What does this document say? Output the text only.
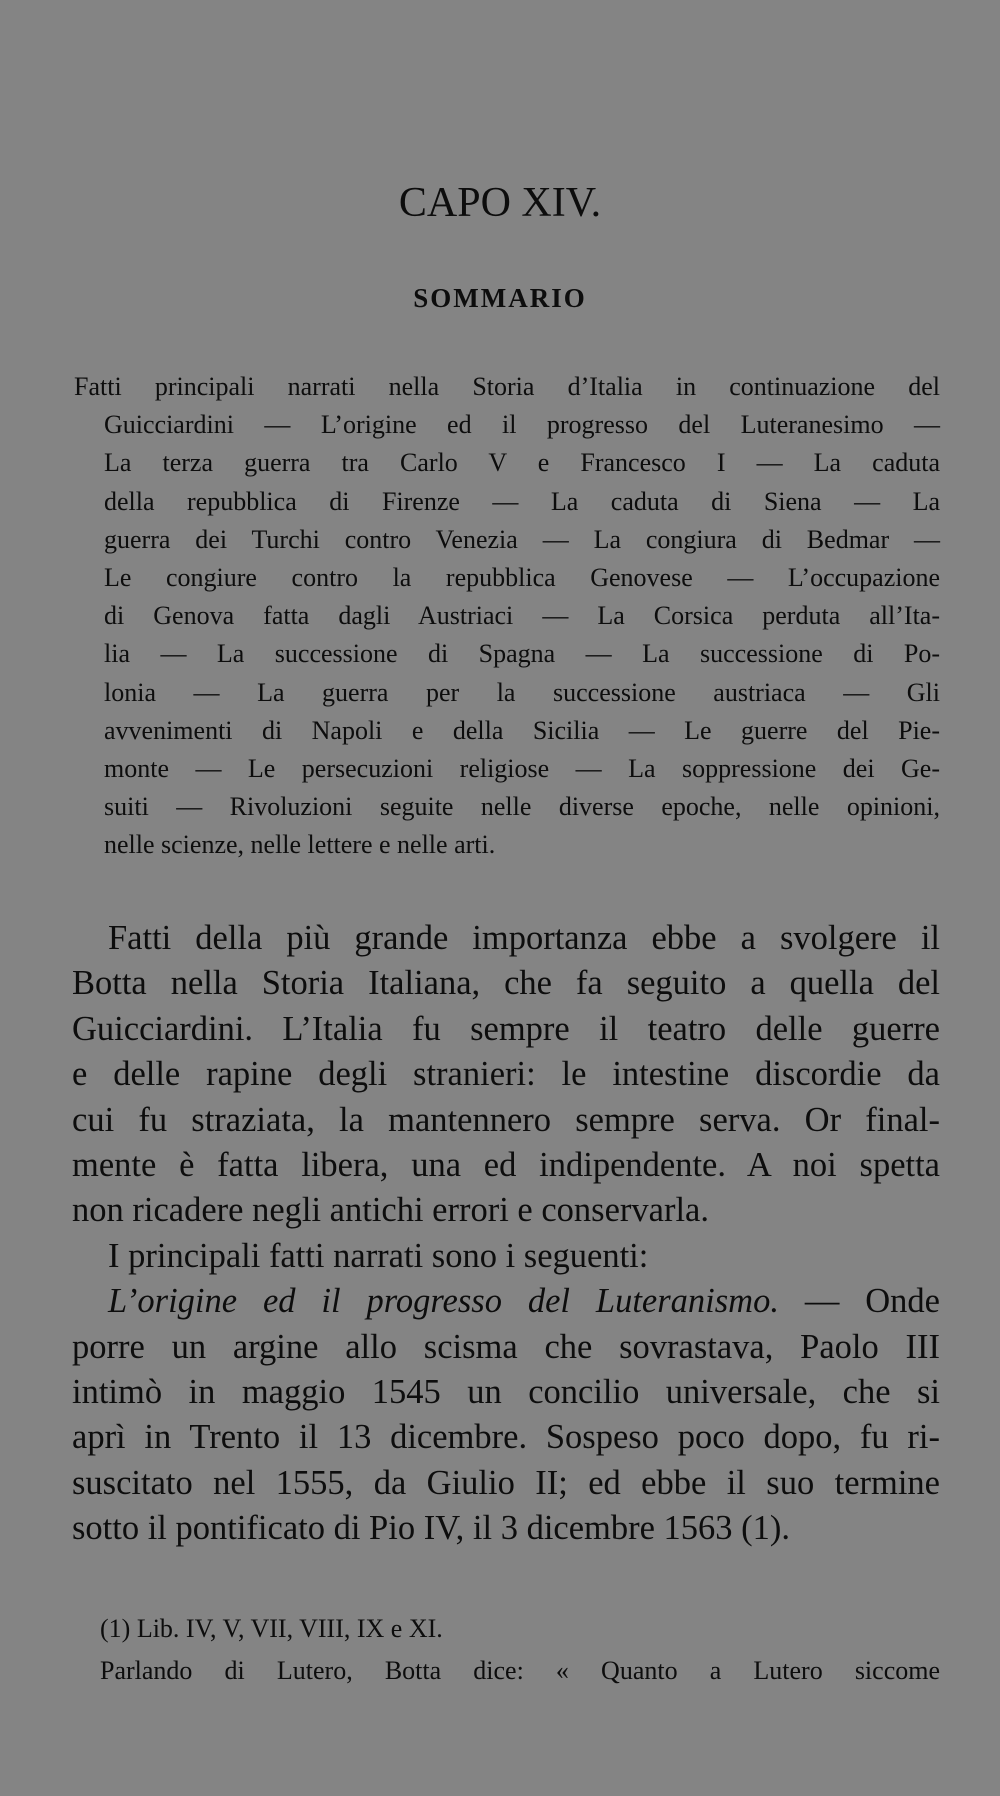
CAPO XIV.
SOMMARIO
Fatti principali narrati nella Storia d’Italia in continuazione del
Guicciardini — L’origine ed il progresso del Luteranesimo —
La terza guerra tra Carlo V e Francesco I — La caduta
della repubblica di Firenze — La caduta di Siena — La
guerra dei Turchi contro Venezia — La congiura di Bedmar —
Le congiure contro la repubblica Genovese — L’occupazione
di Genova fatta dagli Austriaci — La Corsica perduta all’Ita-
lia — La successione di Spagna — La successione di Po-
lonia — La guerra per la successione austriaca — Gli
avvenimenti di Napoli e della Sicilia — Le guerre del Pie-
monte — Le persecuzioni religiose — La soppressione dei Ge-
suiti — Rivoluzioni seguite nelle diverse epoche, nelle opinioni,
nelle scienze, nelle lettere e nelle arti.
Fatti della più grande importanza ebbe a svolgere il
Botta nella Storia Italiana, che fa seguito a quella del
Guicciardini. L’Italia fu sempre il teatro delle guerre
e delle rapine degli stranieri: le intestine discordie da
cui fu straziata, la mantennero sempre serva. Or final-
mente è fatta libera, una ed indipendente. A noi spetta
non ricadere negli antichi errori e conservarla.
I principali fatti narrati sono i seguenti:
L’origine ed il progresso del Luteranismo. — Onde
porre un argine allo scisma che sovrastava, Paolo III
intimò in maggio 1545 un concilio universale, che si
aprì in Trento il 13 dicembre. Sospeso poco dopo, fu ri-
suscitato nel 1555, da Giulio II; ed ebbe il suo termine
sotto il pontificato di Pio IV, il 3 dicembre 1563 (1).
(1) Lib. IV, V, VII, VIII, IX e XI.
Parlando di Lutero, Botta dice: « Quanto a Lutero siccome
